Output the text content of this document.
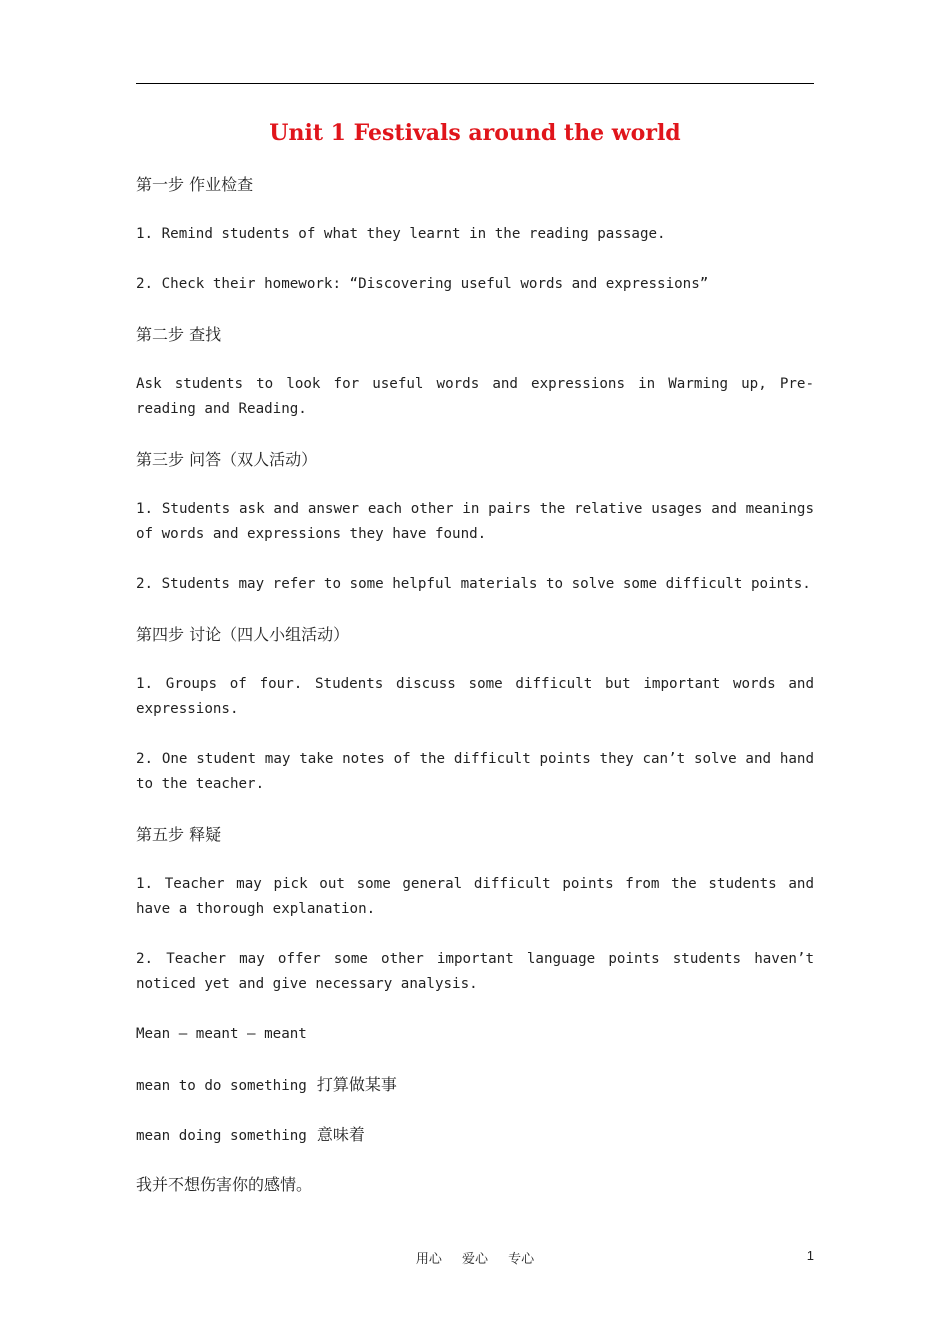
Unit 1 Festivals around the world
第一步 作业检查
1. Remind students of what they learnt in the reading passage.
2. Check their homework: “Discovering useful words and expressions”
第二步 查找
Ask students to look for useful words and expressions in Warming up, Pre-reading and Reading.
第三步 问答（双人活动）
1. Students ask and answer each other in pairs the relative usages and meanings of words and expressions they have found.
2. Students may refer to some helpful materials to solve some difficult points.
第四步 讨论（四人小组活动）
1. Groups of four. Students discuss some difficult but important words and expressions.
2. One student may take notes of the difficult points they can’t solve and hand to the teacher.
第五步 释疑
1. Teacher may pick out some general difficult points from the students and have a thorough explanation.
2. Teacher may offer some other important language points students haven’t noticed yet and give necessary analysis.
Mean — meant — meant
mean to do something 打算做某事
mean doing something 意味着
我并不想伤害你的感情。
用心 爱心 专心	1
